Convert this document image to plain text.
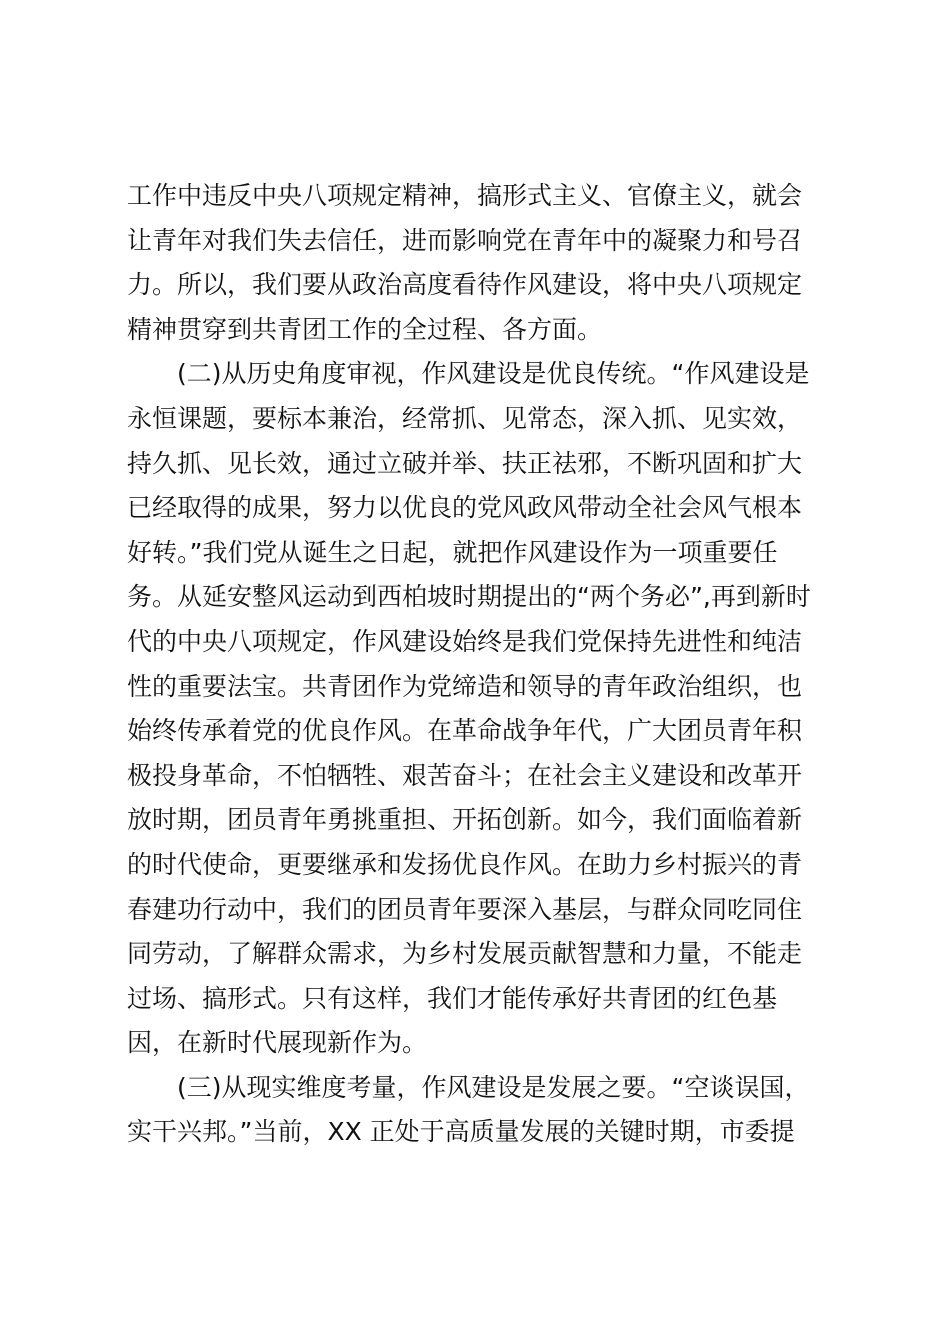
工作中违反中央八项规定精神，搞形式主义、官僚主义，就会
让青年对我们失去信任，进而影响党在青年中的凝聚力和号召
力。所以，我们要从政治高度看待作风建设，将中央八项规定
精神贯穿到共青团工作的全过程、各方面。
(二)从历史角度审视，作风建设是优良传统。“作风建设是
永恒课题，要标本兼治，经常抓、见常态，深入抓、见实效，
持久抓、见长效，通过立破并举、扶正祛邪，不断巩固和扩大
已经取得的成果，努力以优良的党风政风带动全社会风气根本
好转。”我们党从诞生之日起，就把作风建设作为一项重要任
务。从延安整风运动到西柏坡时期提出的“两个务必”,再到新时
代的中央八项规定，作风建设始终是我们党保持先进性和纯洁
性的重要法宝。共青团作为党缔造和领导的青年政治组织，也
始终传承着党的优良作风。在革命战争年代，广大团员青年积
极投身革命，不怕牺牲、艰苦奋斗；在社会主义建设和改革开
放时期，团员青年勇挑重担、开拓创新。如今，我们面临着新
的时代使命，更要继承和发扬优良作风。在助力乡村振兴的青
春建功行动中，我们的团员青年要深入基层，与群众同吃同住
同劳动，了解群众需求，为乡村发展贡献智慧和力量，不能走
过场、搞形式。只有这样，我们才能传承好共青团的红色基
因，在新时代展现新作为。
(三)从现实维度考量，作风建设是发展之要。“空谈误国，
实干兴邦。”当前，XX 正处于高质量发展的关键时期，市委提
